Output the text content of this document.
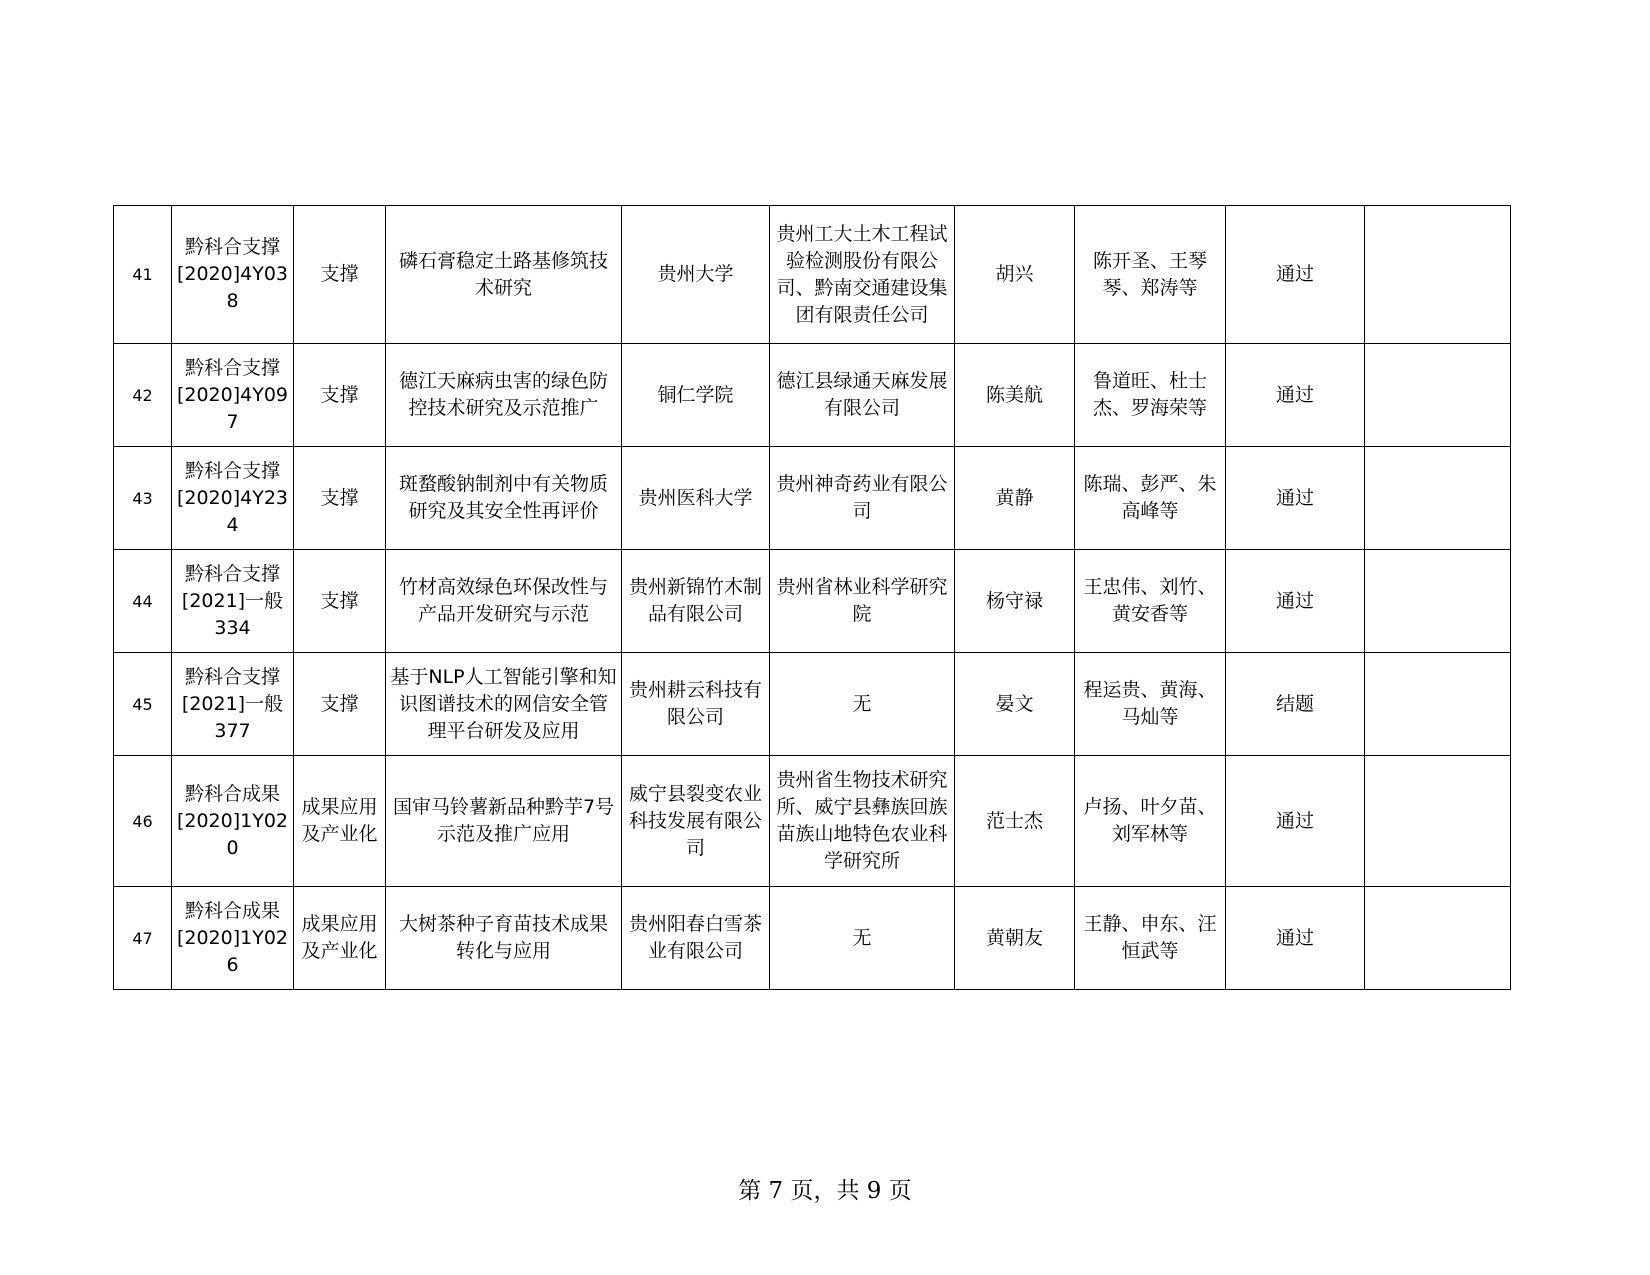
41	黔科合支撑[2020]4Y038	支撑	磷石膏稳定土路基修筑技术研究	贵州大学	贵州工大土木工程试验检测股份有限公司、黔南交通建设集团有限责任公司	胡兴	陈开圣、王琴琴、郑涛等	通过	
42	黔科合支撑[2020]4Y097	支撑	德江天麻病虫害的绿色防控技术研究及示范推广	铜仁学院	德江县绿通天麻发展有限公司	陈美航	鲁道旺、杜士杰、罗海荣等	通过	
43	黔科合支撑[2020]4Y234	支撑	斑蝥酸钠制剂中有关物质研究及其安全性再评价	贵州医科大学	贵州神奇药业有限公司	黄静	陈瑞、彭严、朱高峰等	通过	
44	黔科合支撑[2021]一般334	支撑	竹材高效绿色环保改性与产品开发研究与示范	贵州新锦竹木制品有限公司	贵州省林业科学研究院	杨守禄	王忠伟、刘竹、黄安香等	通过	
45	黔科合支撑[2021]一般377	支撑	基于NLP人工智能引擎和知识图谱技术的网信安全管理平台研发及应用	贵州耕云科技有限公司	无	晏文	程运贵、黄海、马灿等	结题	
46	黔科合成果[2020]1Y020	成果应用及产业化	国审马铃薯新品种黔芋7号示范及推广应用	威宁县裂变农业科技发展有限公司	贵州省生物技术研究所、威宁县彝族回族苗族山地特色农业科学研究所	范士杰	卢扬、叶夕苗、刘军林等	通过	
47	黔科合成果[2020]1Y026	成果应用及产业化	大树茶种子育苗技术成果转化与应用	贵州阳春白雪茶业有限公司	无	黄朝友	王静、申东、汪恒武等	通过	
第 7 页，共 9 页
